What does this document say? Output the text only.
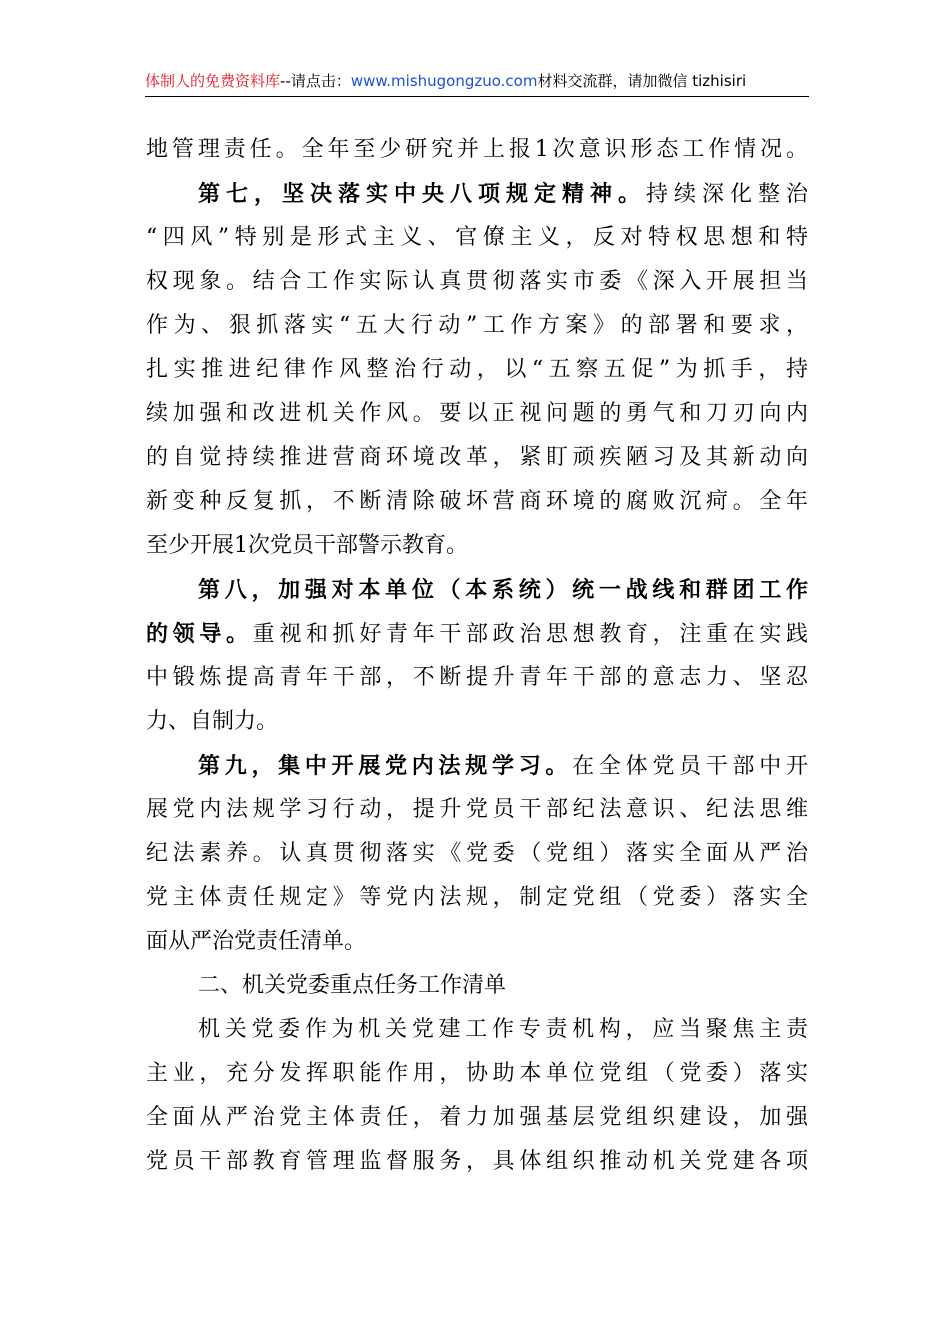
体制人的免费资料库--请点击：www.mishugongzuo.com材料交流群，请加微信 tizhisiri
地管理责任。全年至少研究并上报1次意识形态工作情况。
第七，坚决落实中央八项规定精神。持续深化整治
“四风”特别是形式主义、官僚主义，反对特权思想和特
权现象。结合工作实际认真贯彻落实市委《深入开展担当
作为、狠抓落实“五大行动”工作方案》的部署和要求，
扎实推进纪律作风整治行动，以“五察五促”为抓手，持
续加强和改进机关作风。要以正视问题的勇气和刀刃向内
的自觉持续推进营商环境改革，紧盯顽疾陋习及其新动向
新变种反复抓，不断清除破坏营商环境的腐败沉疴。全年
至少开展1次党员干部警示教育。
第八，加强对本单位（本系统）统一战线和群团工作
的领导。重视和抓好青年干部政治思想教育，注重在实践
中锻炼提高青年干部，不断提升青年干部的意志力、坚忍
力、自制力。
第九，集中开展党内法规学习。在全体党员干部中开
展党内法规学习行动，提升党员干部纪法意识、纪法思维
纪法素养。认真贯彻落实《党委（党组）落实全面从严治
党主体责任规定》等党内法规，制定党组（党委）落实全
面从严治党责任清单。
二、机关党委重点任务工作清单
机关党委作为机关党建工作专责机构，应当聚焦主责
主业，充分发挥职能作用，协助本单位党组（党委）落实
全面从严治党主体责任，着力加强基层党组织建设，加强
党员干部教育管理监督服务，具体组织推动机关党建各项
